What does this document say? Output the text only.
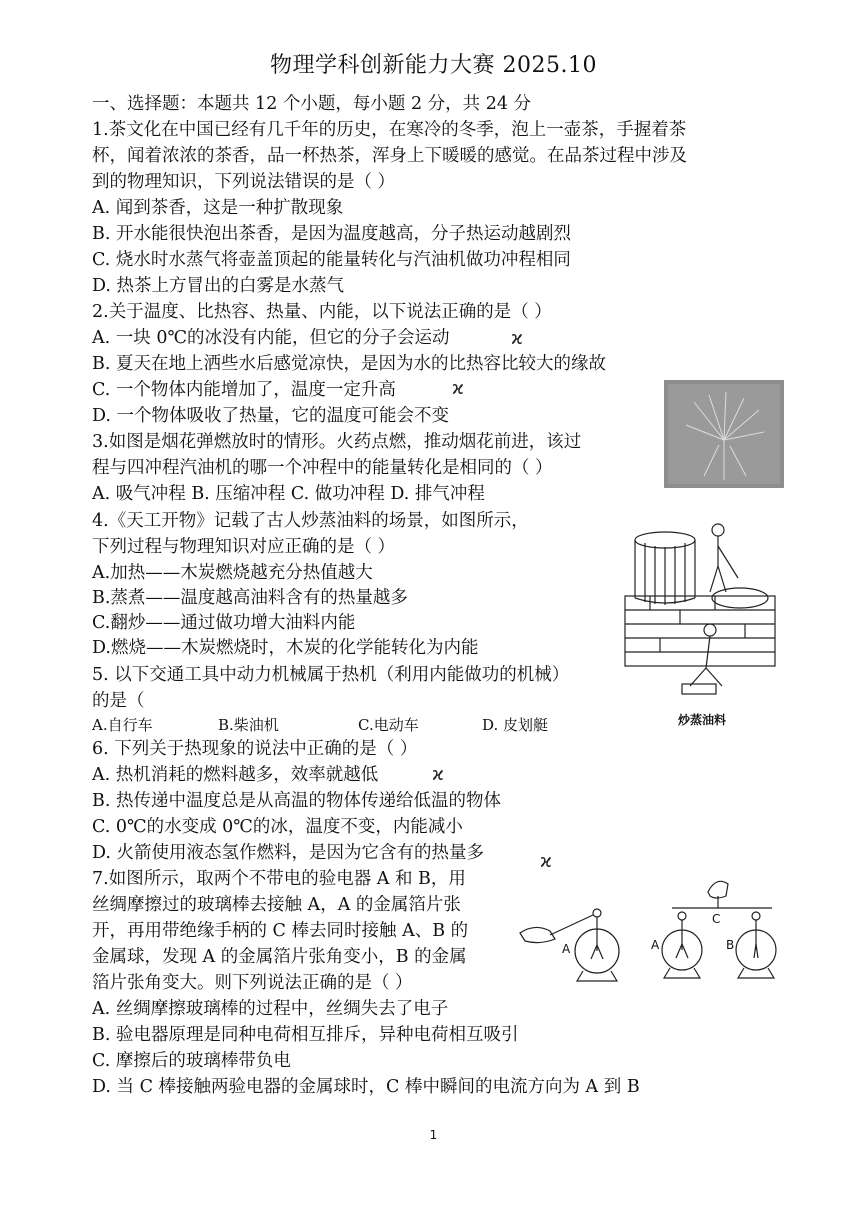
物理学科创新能力大赛 2025.10
一、选择题：本题共 12 个小题，每小题 2 分，共 24 分
1.茶文化在中国已经有几千年的历史，在寒冷的冬季，泡上一壶茶，手握着茶
杯，闻着浓浓的茶香，品一杯热茶，浑身上下暖暖的感觉。在品茶过程中涉及
到的物理知识，下列说法错误的是（ ）
A. 闻到茶香，这是一种扩散现象
B. 开水能很快泡出茶香，是因为温度越高，分子热运动越剧烈
C. 烧水时水蒸气将壶盖顶起的能量转化与汽油机做功冲程相同
D. 热茶上方冒出的白雾是水蒸气
2.关于温度、比热容、热量、内能，以下说法正确的是（ ）
A. 一块 0℃的冰没有内能，但它的分子会运动
B. 夏天在地上洒些水后感觉凉快，是因为水的比热容比较大的缘故
C. 一个物体内能增加了，温度一定升高
D. 一个物体吸收了热量，它的温度可能会不变
3.如图是烟花弹燃放时的情形。火药点燃，推动烟花前进，该过
程与四冲程汽油机的哪一个冲程中的能量转化是相同的（ ）
A. 吸气冲程 B. 压缩冲程 C. 做功冲程 D. 排气冲程
4.《天工开物》记载了古人炒蒸油料的场景，如图所示，
下列过程与物理知识对应正确的是（ ）
A.加热——木炭燃烧越充分热值越大
B.蒸煮——温度越高油料含有的热量越多
C.翻炒——通过做功增大油料内能
D.燃烧——木炭燃烧时，木炭的化学能转化为内能
炒蒸油料
5. 以下交通工具中动力机械属于热机（利用内能做功的机械）
的是（
A.自行车	B.柴油机	C.电动车	D. 皮划艇
6. 下列关于热现象的说法中正确的是（ ）
A. 热机消耗的燃料越多，效率就越低
B. 热传递中温度总是从高温的物体传递给低温的物体
C. 0℃的水变成 0℃的冰，温度不变，内能减小
D. 火箭使用液态氢作燃料，是因为它含有的热量多
7.如图所示，取两个不带电的验电器 A 和 B，用
丝绸摩擦过的玻璃棒去接触 A，A 的金属箔片张
开，再用带绝缘手柄的 C 棒去同时接触 A、B 的
金属球，发现 A 的金属箔片张角变小，B 的金属
箔片张角变大。则下列说法正确的是（ ）
A. 丝绸摩擦玻璃棒的过程中，丝绸失去了电子
B. 验电器原理是同种电荷相互排斥，异种电荷相互吸引
C. 摩擦后的玻璃棒带负电
D. 当 C 棒接触两验电器的金属球时，C 棒中瞬间的电流方向为 A 到 B
A	A
C
B
ϰ
ϰ
ϰ
ϰ
1
